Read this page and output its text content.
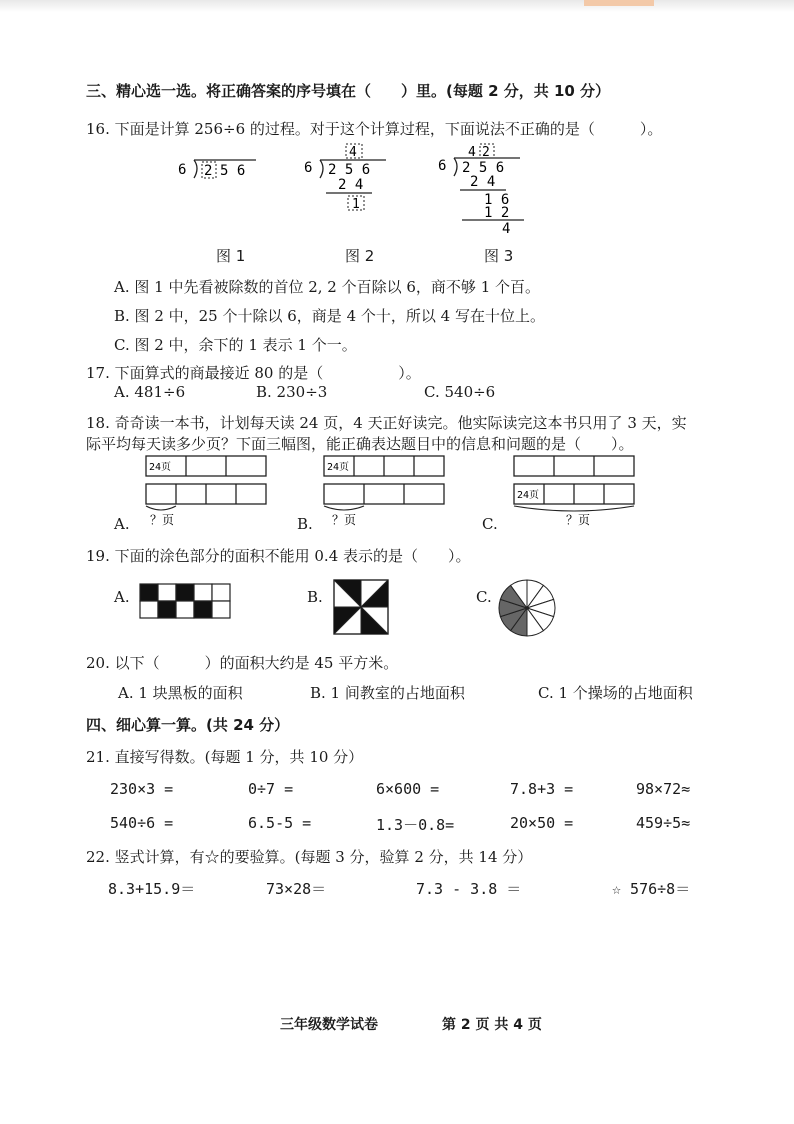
三、精心选一选。将正确答案的序号填在（　　）里。(每题 2 分，共 10 分）
16. 下面是计算 256÷6 的过程。对于这个计算过程，下面说法不正确的是（　　　）。
6 2 5 6
4
6 2 5 6
2 4
1
4 2
6 2 5 6
2 4
1 6
1 2
4
图 1	图 2	图 3
A. 图 1 中先看被除数的首位 2, 2 个百除以 6，商不够 1 个百。
B. 图 2 中，25 个十除以 6，商是 4 个十，所以 4 写在十位上。
C. 图 2 中，余下的 1 表示 1 个一。
17. 下面算式的商最接近 80 的是（　　　　　）。
A. 481÷6	B. 230÷3	C. 540÷6
18. 奇奇读一本书，计划每天读 24 页，4 天正好读完。他实际读完这本书只用了 3 天，实
际平均每天读多少页？下面三幅图，能正确表达题目中的信息和问题的是（　　）。
24页
？页
A.
24页
？页
B.
24页
？页
C.
19. 下面的涂色部分的面积不能用 0.4 表示的是（　　）。
A.	B.	C.
20. 以下（　　　）的面积大约是 45 平方米。
A. 1 块黑板的面积	B. 1 间教室的占地面积	C. 1 个操场的占地面积
四、细心算一算。(共 24 分）
21. 直接写得数。(每题 1 分，共 10 分）
230×3 =	0÷7 =	6×600 =	7.8+3 =	98×72≈
540÷6 =	6.5-5 =	1.3－0.8=	20×50 =	459÷5≈
22. 竖式计算，有☆的要验算。(每题 3 分，验算 2 分，共 14 分）
8.3+15.9＝	73×28＝	7.3 - 3.8 ＝	☆ 576÷8＝
三年级数学试卷	第 2 页 共 4 页
